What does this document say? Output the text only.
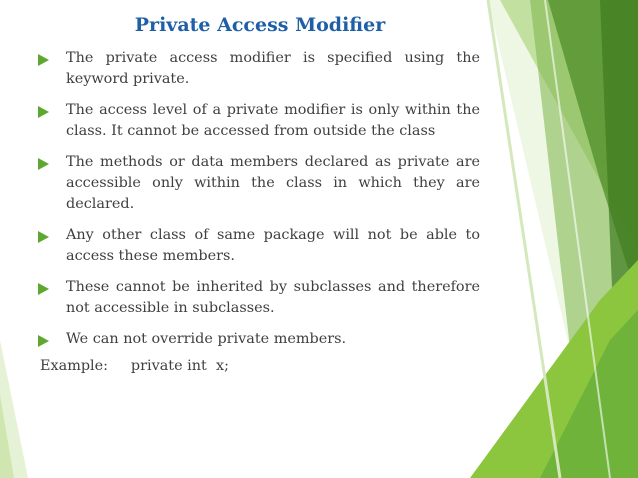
Private Access Modifier
The private access modifier is specified using the keyword private.
The access level of a private modifier is only within the class. It cannot be accessed from outside the class
The methods or data members declared as private are accessible only within the class in which they are declared.
Any other class of same package will not be able to access these members.
These cannot be inherited by subclasses and therefore not accessible in subclasses.
We can not override private members.
Example:     private int  x;
